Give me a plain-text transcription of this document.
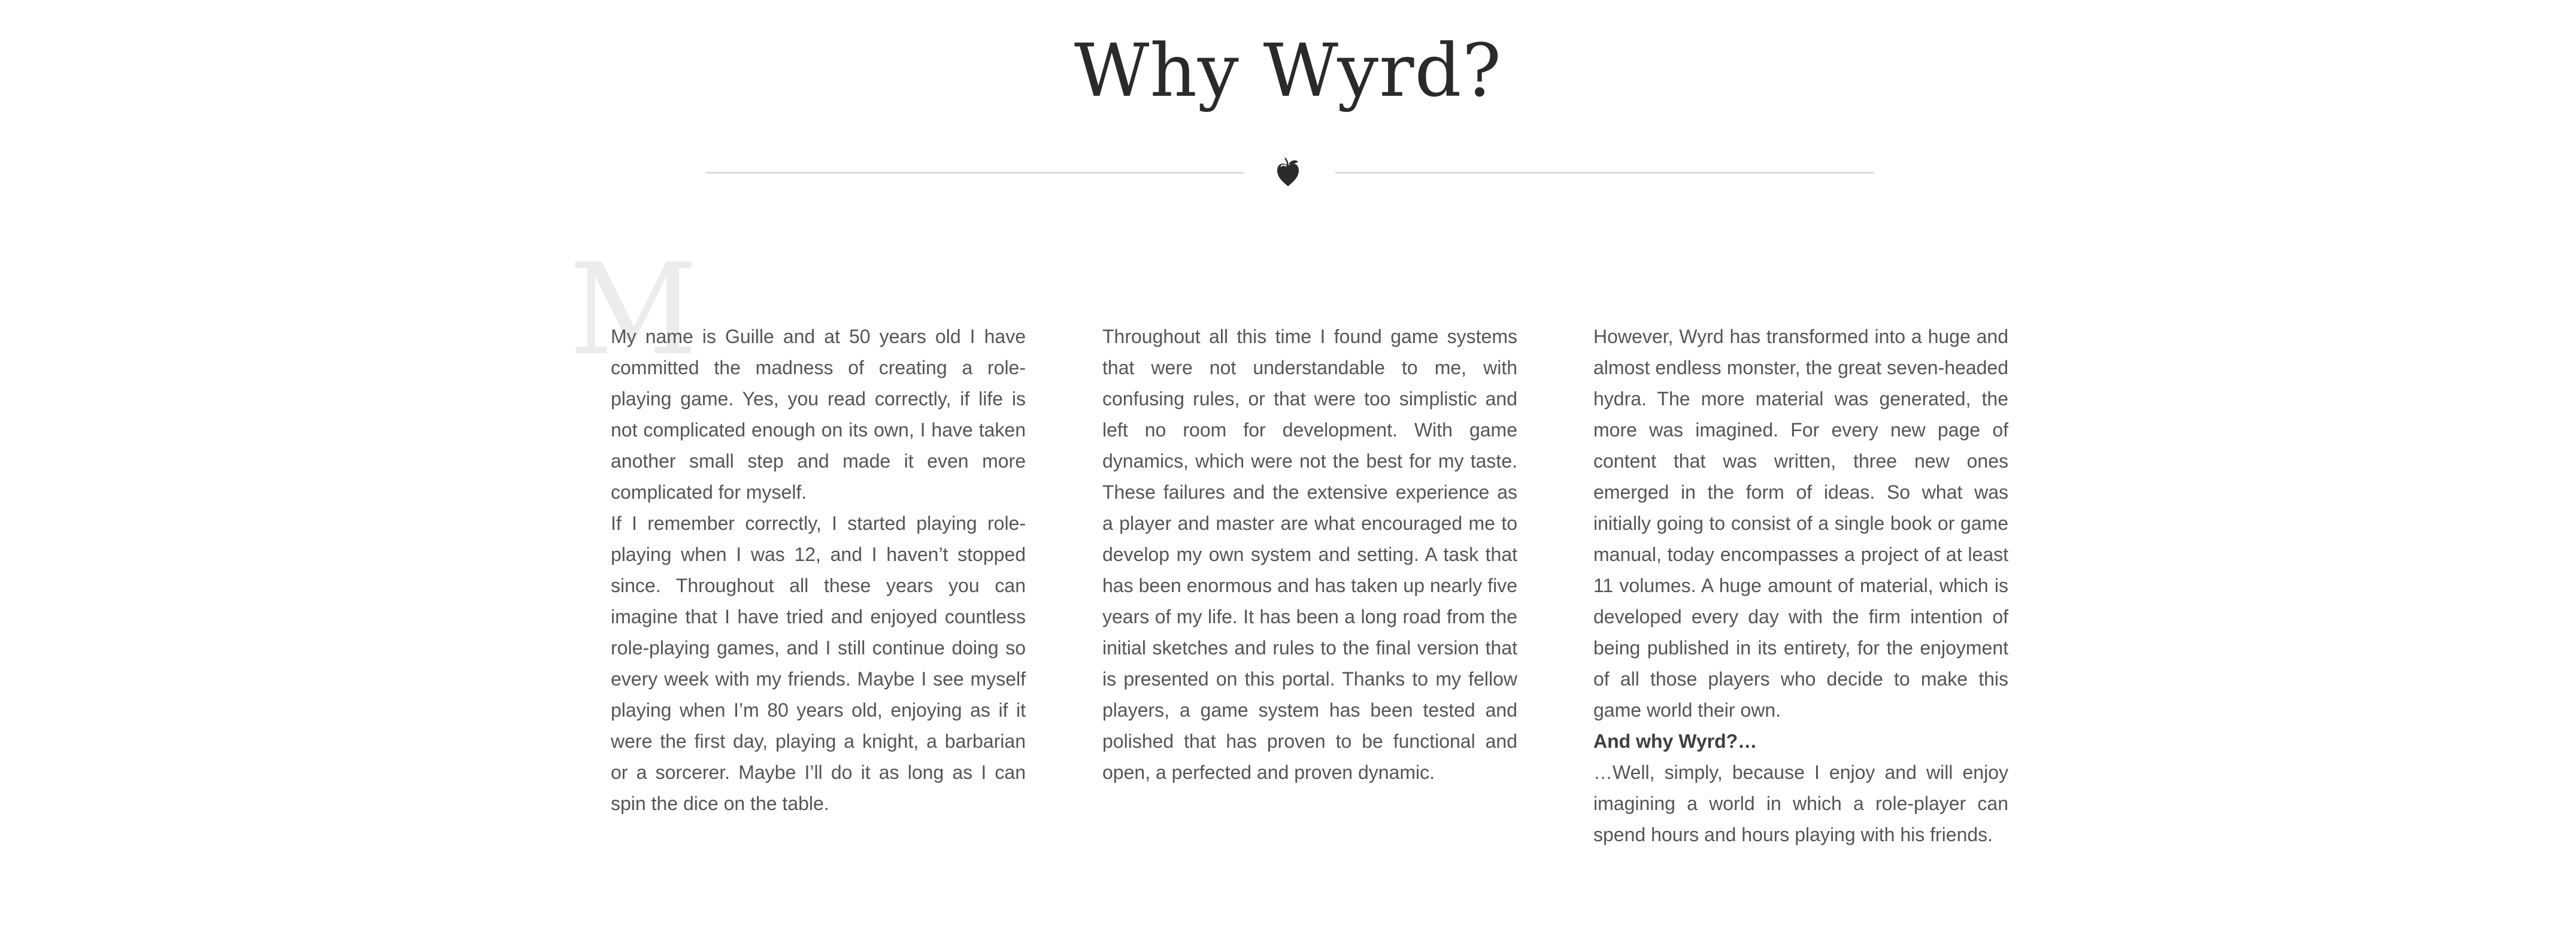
Why Wyrd?
M

My name is Guille and at 50 years old I have committed the madness of creating a role-playing game. Yes, you read correctly, if life is not complicated enough on its own, I have taken another small step and made it even more complicated for myself.

If I remember correctly, I started playing role-playing when I was 12, and I haven’t stopped since. Throughout all these years you can imagine that I have tried and enjoyed countless role-playing games, and I still continue doing so every week with my friends. Maybe I see myself playing when I’m 80 years old, enjoying as if it were the first day, playing a knight, a barbarian or a sorcerer. Maybe I’ll do it as long as I can spin the dice on the table.

Throughout all this time I found game systems that were not understandable to me, with confusing rules, or that were too simplistic and left no room for development. With game dynamics, which were not the best for my taste. These failures and the extensive experience as a player and master are what encouraged me to develop my own system and setting. A task that has been enormous and has taken up nearly five years of my life. It has been a long road from the initial sketches and rules to the final version that is presented on this portal. Thanks to my fellow players, a game system has been tested and polished that has proven to be functional and open, a perfected and proven dynamic.

However, Wyrd has transformed into a huge and almost endless monster, the great seven-headed hydra. The more material was generated, the more was imagined. For every new page of content that was written, three new ones emerged in the form of ideas. So what was initially going to consist of a single book or game manual, today encompasses a project of at least 11 volumes. A huge amount of material, which is developed every day with the firm intention of being published in its entirety, for the enjoyment of all those players who decide to make this game world their own.

And why Wyrd?…

…Well, simply, because I enjoy and will enjoy imagining a world in which a role-player can spend hours and hours playing with his friends.
